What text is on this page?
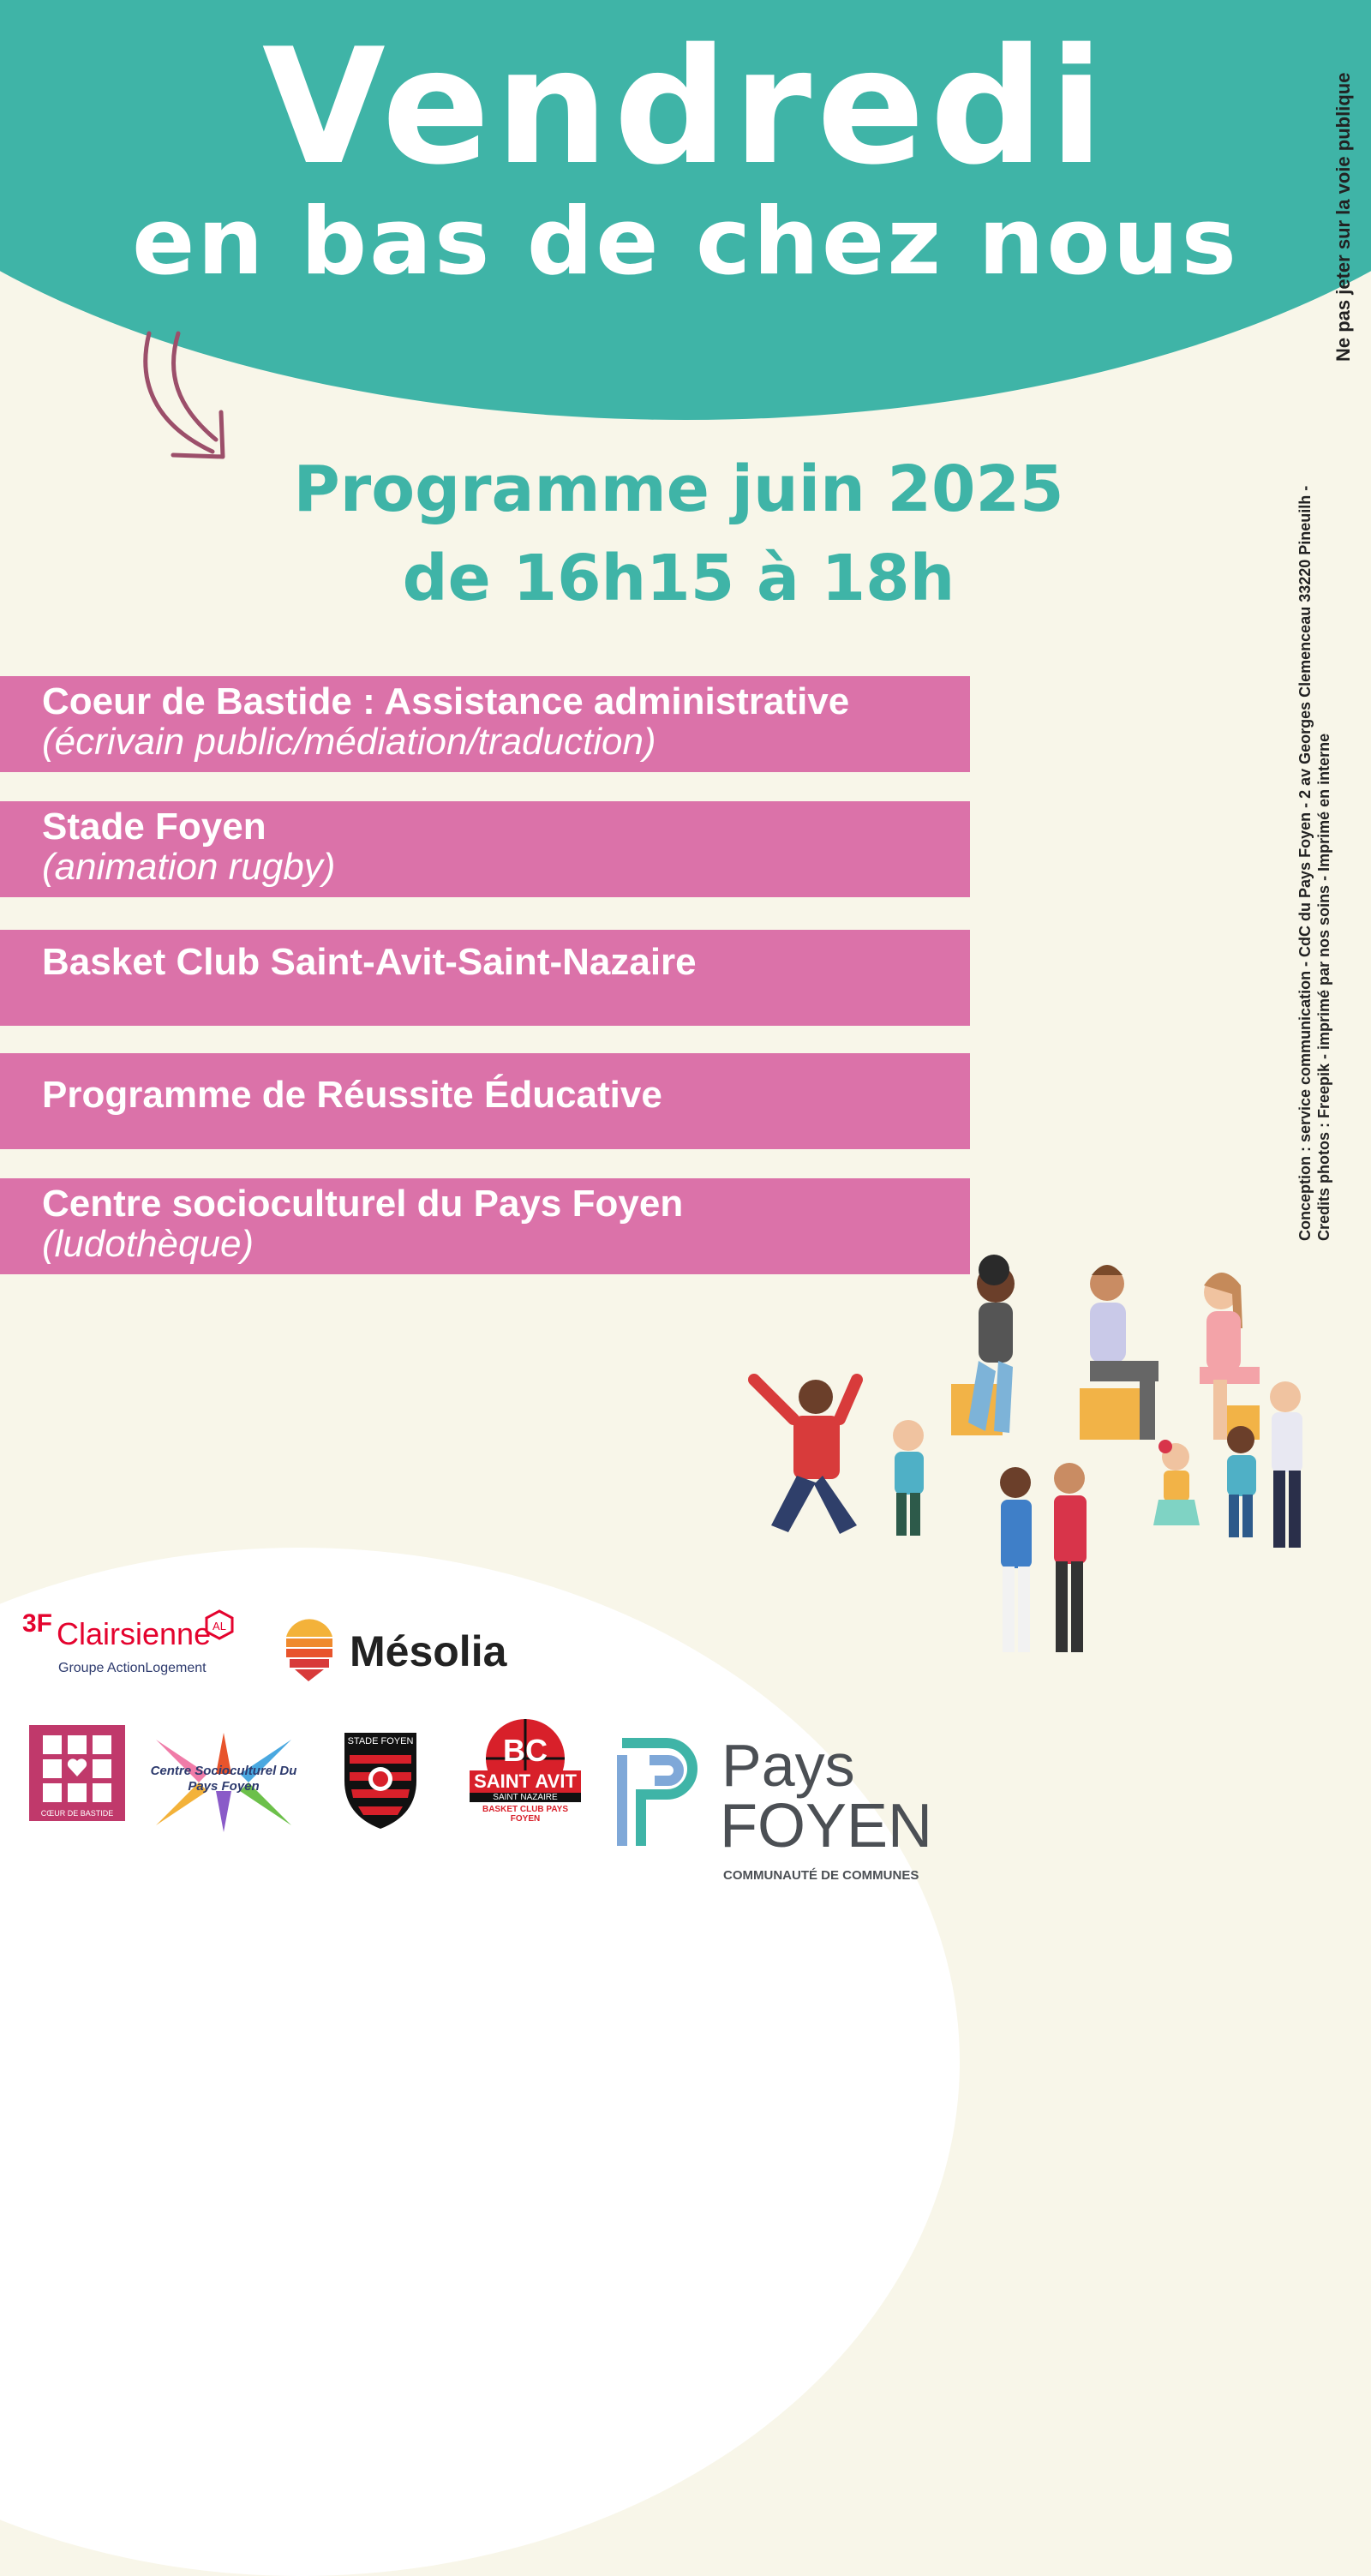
Vendredi
en bas de chez nous	Ne pas jeter sur la voie publique
Conception : service communication - CdC du Pays Foyen - 2 av Georges Clemenceau 33220 Pineuilh - Credits photos : Freepik - imprimé par nos soins - Imprimé en interne
Programme juin 2025
de 16h15 à 18h
Coeur de Bastide : Assistance administrative
(écrivain public/médiation/traduction)
Stade Foyen
(animation rugby)
Basket Club Saint-Avit-Saint-Nazaire
Programme de Réussite Éducative
Centre socioculturel du Pays Foyen
(ludothèque)
3F Clairsienne AL
Groupe ActionLogement	Mésolia
CŒUR DE BASTIDE
Centre Socioculturel Du Pays Foyen
STADE FOYEN	BC
SAINT AVIT
SAINT NAZAIRE
BASKET CLUB PAYS FOYEN
Pays
FOYEN
COMMUNAUTÉ DE COMMUNES
